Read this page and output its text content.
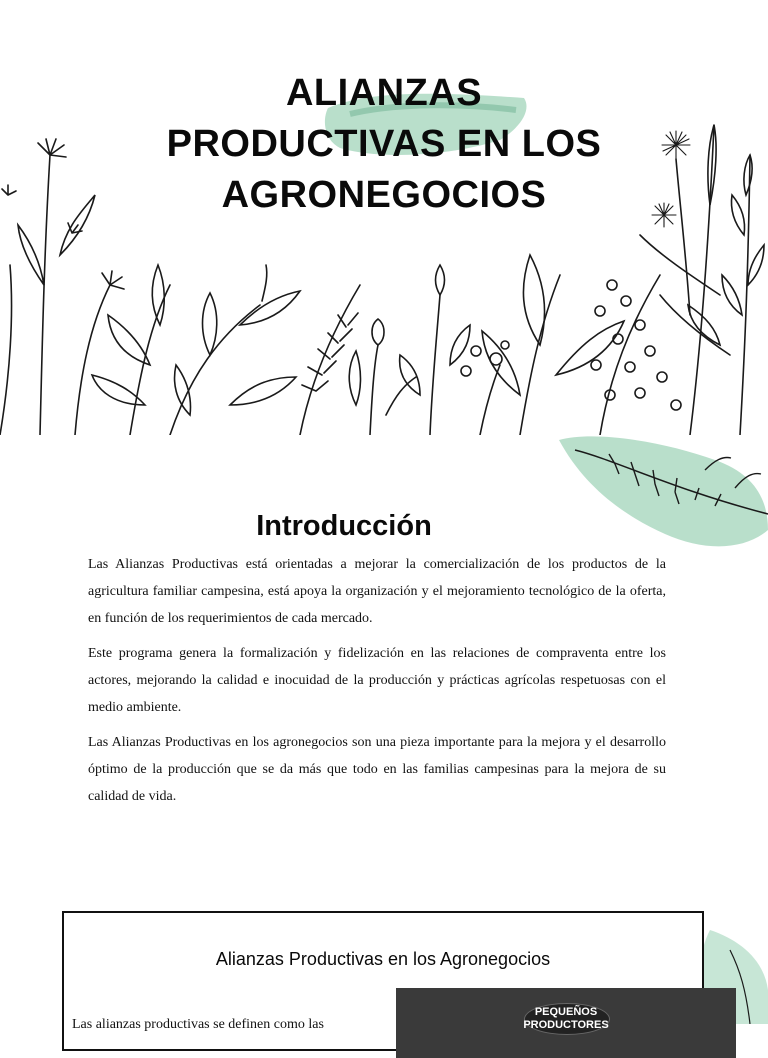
ALIANZAS
PRODUCTIVAS EN LOS
AGRONEGOCIOS
Introducción

Las Alianzas Productivas está orientadas a mejorar la comercialización de los productos de la agricultura familiar campesina, está apoya la organización y el mejoramiento tecnológico de la oferta, en función de los requerimientos de cada mercado.

Este programa genera la formalización y fidelización en las relaciones de compraventa entre los actores, mejorando la calidad e inocuidad de la producción y prácticas agrícolas respetuosas con el medio ambiente.

Las Alianzas Productivas en los agronegocios son una pieza importante para la mejora y el desarrollo óptimo de la producción que se da más que todo en las familias campesinas para la mejora de su calidad de vida.

Alianzas Productivas en los Agronegocios
Las alianzas productivas se definen como las
PEQUEÑOS
PRODUCTORES
